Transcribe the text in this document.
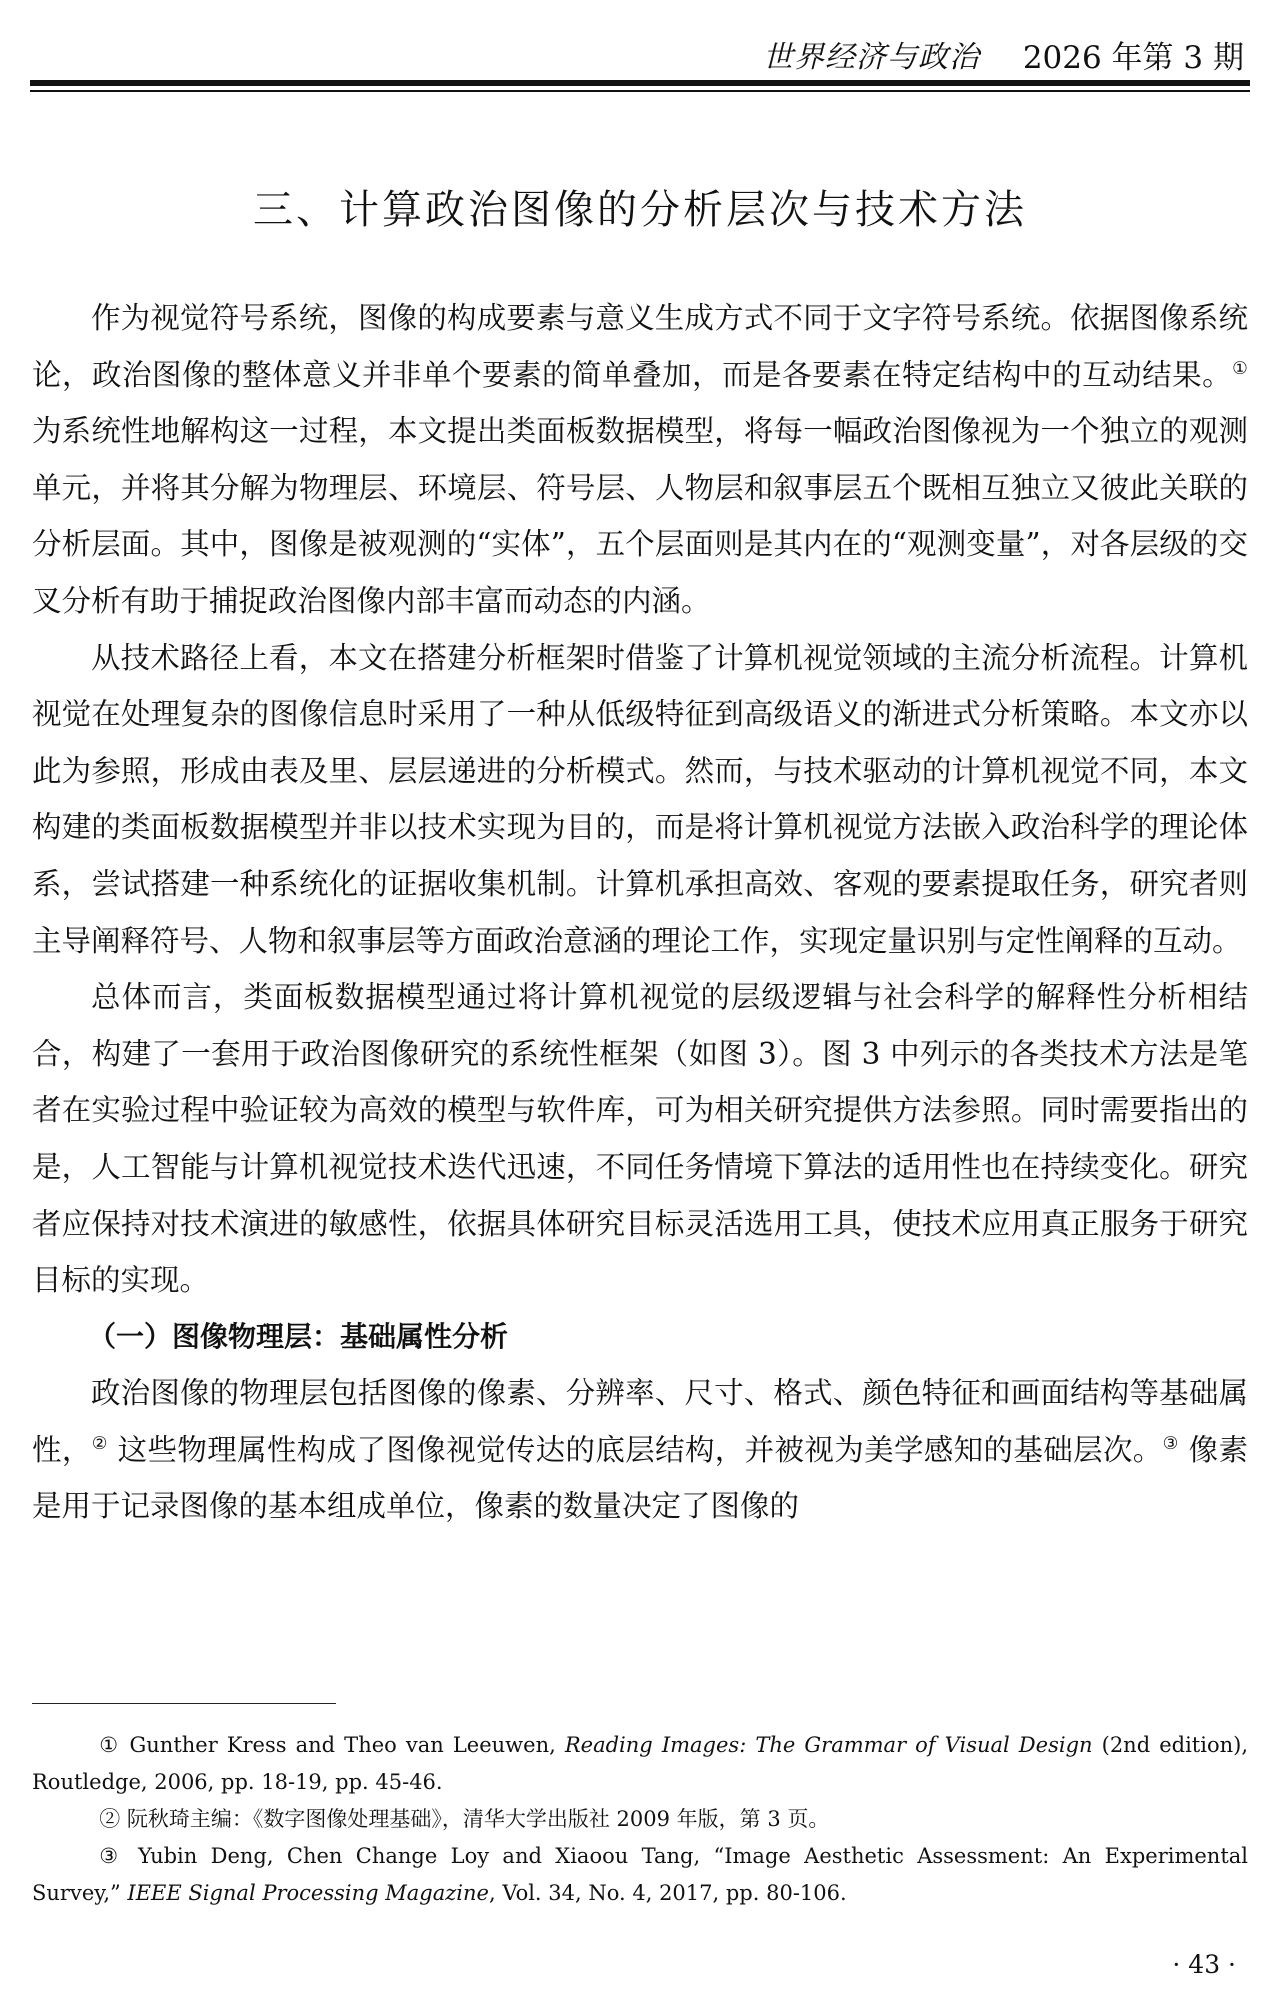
世界经济与政治 2026 年第 3 期
三、计算政治图像的分析层次与技术方法

作为视觉符号系统，图像的构成要素与意义生成方式不同于文字符号系统。依据图像系统论，政治图像的整体意义并非单个要素的简单叠加，而是各要素在特定结构中的互动结果。① 为系统性地解构这一过程，本文提出类面板数据模型，将每一幅政治图像视为一个独立的观测单元，并将其分解为物理层、环境层、符号层、人物层和叙事层五个既相互独立又彼此关联的分析层面。其中，图像是被观测的“实体”，五个层面则是其内在的“观测变量”，对各层级的交叉分析有助于捕捉政治图像内部丰富而动态的内涵。

从技术路径上看，本文在搭建分析框架时借鉴了计算机视觉领域的主流分析流程。计算机视觉在处理复杂的图像信息时采用了一种从低级特征到高级语义的渐进式分析策略。本文亦以此为参照，形成由表及里、层层递进的分析模式。然而，与技术驱动的计算机视觉不同，本文构建的类面板数据模型并非以技术实现为目的，而是将计算机视觉方法嵌入政治科学的理论体系，尝试搭建一种系统化的证据收集机制。计算机承担高效、客观的要素提取任务，研究者则主导阐释符号、人物和叙事层等方面政治意涵的理论工作，实现定量识别与定性阐释的互动。

总体而言，类面板数据模型通过将计算机视觉的层级逻辑与社会科学的解释性分析相结合，构建了一套用于政治图像研究的系统性框架（如图 3）。图 3 中列示的各类技术方法是笔者在实验过程中验证较为高效的模型与软件库，可为相关研究提供方法参照。同时需要指出的是，人工智能与计算机视觉技术迭代迅速，不同任务情境下算法的适用性也在持续变化。研究者应保持对技术演进的敏感性，依据具体研究目标灵活选用工具，使技术应用真正服务于研究目标的实现。

（一）图像物理层：基础属性分析

政治图像的物理层包括图像的像素、分辨率、尺寸、格式、颜色特征和画面结构等基础属性，② 这些物理属性构成了图像视觉传达的底层结构，并被视为美学感知的基础层次。③ 像素是用于记录图像的基本组成单位，像素的数量决定了图像的

① Gunther Kress and Theo van Leeuwen, Reading Images: The Grammar of Visual Design (2nd edition), Routledge, 2006, pp. 18-19, pp. 45-46.

② 阮秋琦主编：《数字图像处理基础》，清华大学出版社 2009 年版，第 3 页。

③ Yubin Deng, Chen Change Loy and Xiaoou Tang, “Image Aesthetic Assessment: An Experimental Survey,” IEEE Signal Processing Magazine, Vol. 34, No. 4, 2017, pp. 80-106.

· 43 ·
